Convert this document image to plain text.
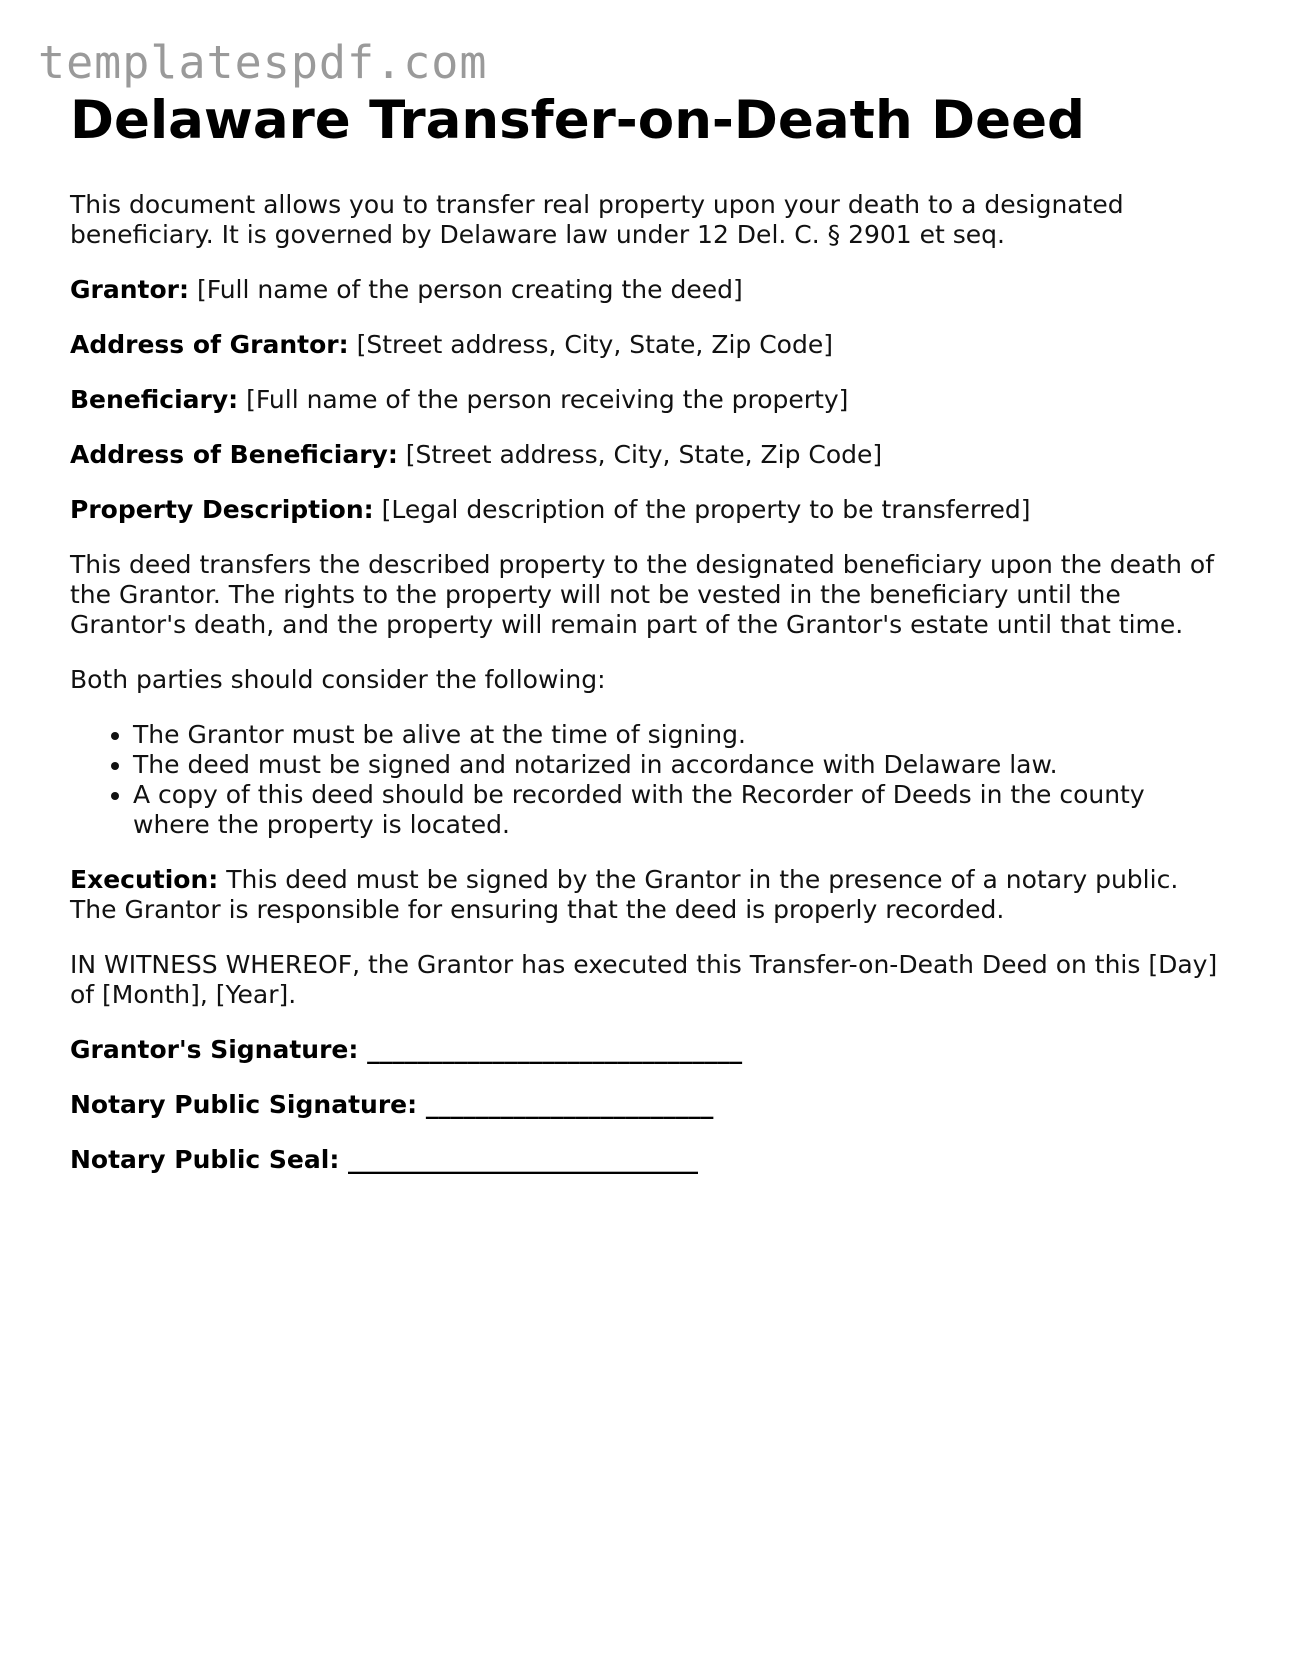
templatespdf.com
Delaware Transfer-on-Death Deed

This document allows you to transfer real property upon your death to a designated beneficiary. It is governed by Delaware law under 12 Del. C. § 2901 et seq.

Grantor: [Full name of the person creating the deed]

Address of Grantor: [Street address, City, State, Zip Code]

Beneficiary: [Full name of the person receiving the property]

Address of Beneficiary: [Street address, City, State, Zip Code]

Property Description: [Legal description of the property to be transferred]

This deed transfers the described property to the designated beneficiary upon the death of the Grantor. The rights to the property will not be vested in the beneficiary until the Grantor's death, and the property will remain part of the Grantor's estate until that time.

Both parties should consider the following:

• The Grantor must be alive at the time of signing.
• The deed must be signed and notarized in accordance with Delaware law.
• A copy of this deed should be recorded with the Recorder of Deeds in the county where the property is located.

Execution: This deed must be signed by the Grantor in the presence of a notary public. The Grantor is responsible for ensuring that the deed is properly recorded.

IN WITNESS WHEREOF, the Grantor has executed this Transfer-on-Death Deed on this [Day] of [Month], [Year].

Grantor's Signature: ______________________________

Notary Public Signature: _______________________

Notary Public Seal: ____________________________
